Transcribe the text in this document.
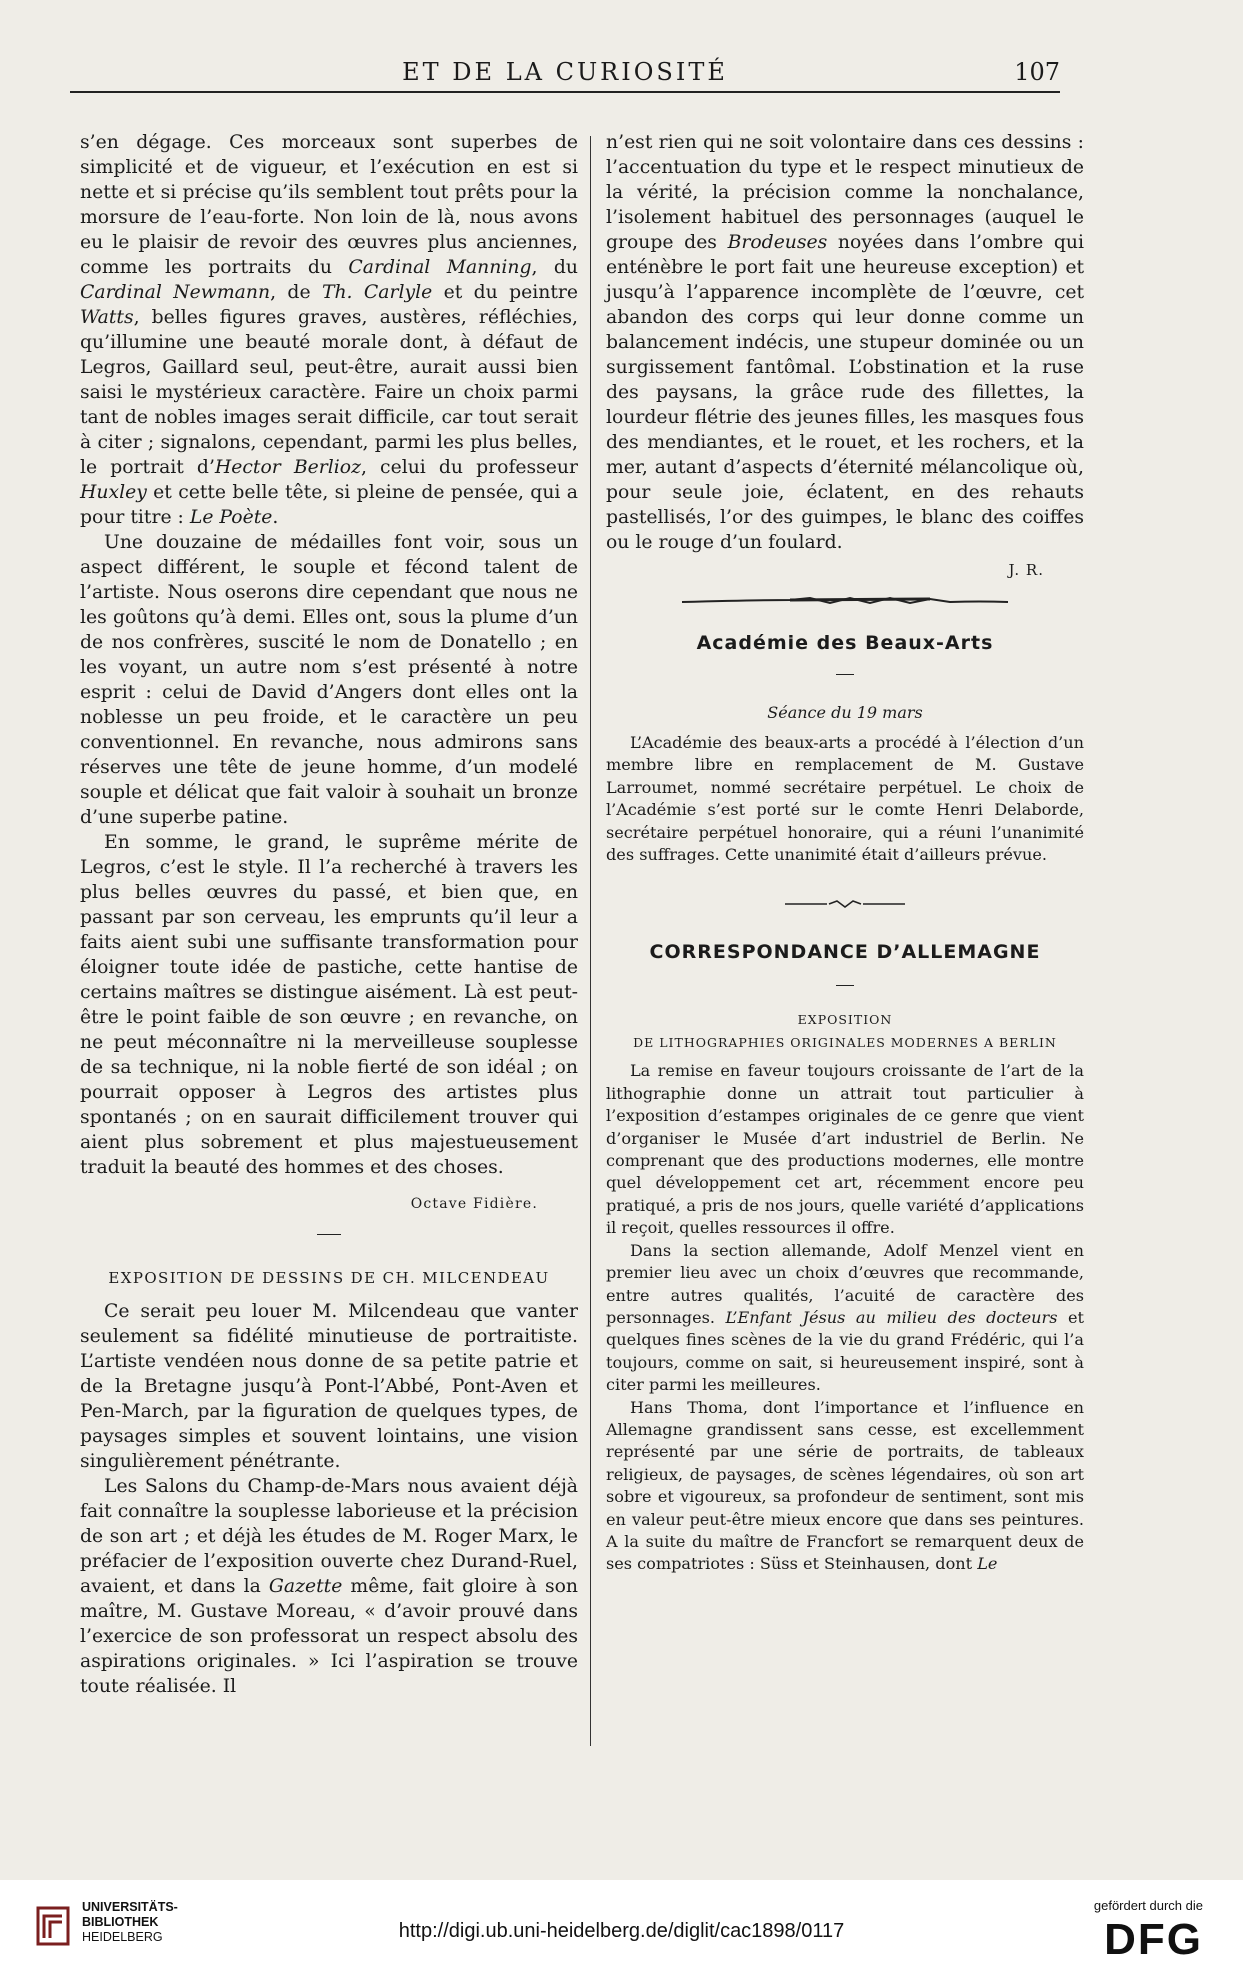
ET DE LA CURIOSITÉ	107

s’en dégage. Ces morceaux sont superbes de simplicité et de vigueur, et l’exécution en est si nette et si précise qu’ils semblent tout prêts pour la morsure de l’eau-forte. Non loin de là, nous avons eu le plaisir de revoir des œuvres plus anciennes, comme les portraits du Cardinal Manning, du Cardinal Newmann, de Th. Carlyle et du peintre Watts, belles figures graves, austères, réfléchies, qu’illumine une beauté morale dont, à défaut de Legros, Gaillard seul, peut-être, aurait aussi bien saisi le mystérieux caractère. Faire un choix parmi tant de nobles images serait difficile, car tout serait à citer ; signalons, cependant, parmi les plus belles, le portrait d’Hector Berlioz, celui du professeur Huxley et cette belle tête, si pleine de pensée, qui a pour titre : Le Poète.

Une douzaine de médailles font voir, sous un aspect différent, le souple et fécond talent de l’artiste. Nous oserons dire cependant que nous ne les goûtons qu’à demi. Elles ont, sous la plume d’un de nos confrères, suscité le nom de Donatello ; en les voyant, un autre nom s’est présenté à notre esprit : celui de David d’Angers dont elles ont la noblesse un peu froide, et le caractère un peu conventionnel. En revanche, nous admirons sans réserves une tête de jeune homme, d’un modelé souple et délicat que fait valoir à souhait un bronze d’une superbe patine.

En somme, le grand, le suprême mérite de Legros, c’est le style. Il l’a recherché à travers les plus belles œuvres du passé, et bien que, en passant par son cerveau, les emprunts qu’il leur a faits aient subi une suffisante transformation pour éloigner toute idée de pastiche, cette hantise de certains maîtres se distingue aisément. Là est peut-être le point faible de son œuvre ; en revanche, on ne peut méconnaître ni la merveilleuse souplesse de sa technique, ni la noble fierté de son idéal ; on pourrait opposer à Legros des artistes plus spontanés ; on en saurait difficilement trouver qui aient plus sobrement et plus majestueusement traduit la beauté des hommes et des choses.

Octave Fidière.
EXPOSITION DE DESSINS DE CH. MILCENDEAU

Ce serait peu louer M. Milcendeau que vanter seulement sa fidélité minutieuse de portraitiste. L’artiste vendéen nous donne de sa petite patrie et de la Bretagne jusqu’à Pont-l’Abbé, Pont-Aven et Pen-March, par la figuration de quelques types, de paysages simples et souvent lointains, une vision singulièrement pénétrante.

Les Salons du Champ-de-Mars nous avaient déjà fait connaître la souplesse laborieuse et la précision de son art ; et déjà les études de M. Roger Marx, le préfacier de l’exposition ouverte chez Durand-Ruel, avaient, et dans la Gazette même, fait gloire à son maître, M. Gustave Moreau, « d’avoir prouvé dans l’exercice de son professorat un respect absolu des aspirations originales. » Ici l’aspiration se trouve toute réalisée. Il

n’est rien qui ne soit volontaire dans ces dessins : l’accentuation du type et le respect minutieux de la vérité, la précision comme la nonchalance, l’isolement habituel des personnages (auquel le groupe des Brodeuses noyées dans l’ombre qui enténèbre le port fait une heureuse exception) et jusqu’à l’apparence incomplète de l’œuvre, cet abandon des corps qui leur donne comme un balancement indécis, une stupeur dominée ou un surgissement fantômal. L’obstination et la ruse des paysans, la grâce rude des fillettes, la lourdeur flétrie des jeunes filles, les masques fous des mendiantes, et le rouet, et les rochers, et la mer, autant d’aspects d’éternité mélancolique où, pour seule joie, éclatent, en des rehauts pastellisés, l’or des guimpes, le blanc des coiffes ou le rouge d’un foulard.

J. R.
Académie des Beaux-Arts
Séance du 19 mars

L’Académie des beaux-arts a procédé à l’élection d’un membre libre en remplacement de M. Gustave Larroumet, nommé secrétaire perpétuel. Le choix de l’Académie s’est porté sur le comte Henri Delaborde, secrétaire perpétuel honoraire, qui a réuni l’unanimité des suffrages. Cette unanimité était d’ailleurs prévue.

CORRESPONDANCE D’ALLEMAGNE
EXPOSITION
DE LITHOGRAPHIES ORIGINALES MODERNES A BERLIN

La remise en faveur toujours croissante de l’art de la lithographie donne un attrait tout particulier à l’exposition d’estampes originales de ce genre que vient d’organiser le Musée d’art industriel de Berlin. Ne comprenant que des productions modernes, elle montre quel développement cet art, récemment encore peu pratiqué, a pris de nos jours, quelle variété d’applications il reçoit, quelles ressources il offre.

Dans la section allemande, Adolf Menzel vient en premier lieu avec un choix d’œuvres que recommande, entre autres qualités, l’acuité de caractère des personnages. L’Enfant Jésus au milieu des docteurs et quelques fines scènes de la vie du grand Frédéric, qui l’a toujours, comme on sait, si heureusement inspiré, sont à citer parmi les meilleures.

Hans Thoma, dont l’importance et l’influence en Allemagne grandissent sans cesse, est excellemment représenté par une série de portraits, de tableaux religieux, de paysages, de scènes légendaires, où son art sobre et vigoureux, sa profondeur de sentiment, sont mis en valeur peut-être mieux encore que dans ses peintures. A la suite du maître de Francfort se remarquent deux de ses compatriotes : Süss et Steinhausen, dont Le

UNIVERSITÄTS-
BIBLIOTHEK
HEIDELBERG	http://digi.ub.uni-heidelberg.de/diglit/cac1898/0117
gefördert durch die
DFG
